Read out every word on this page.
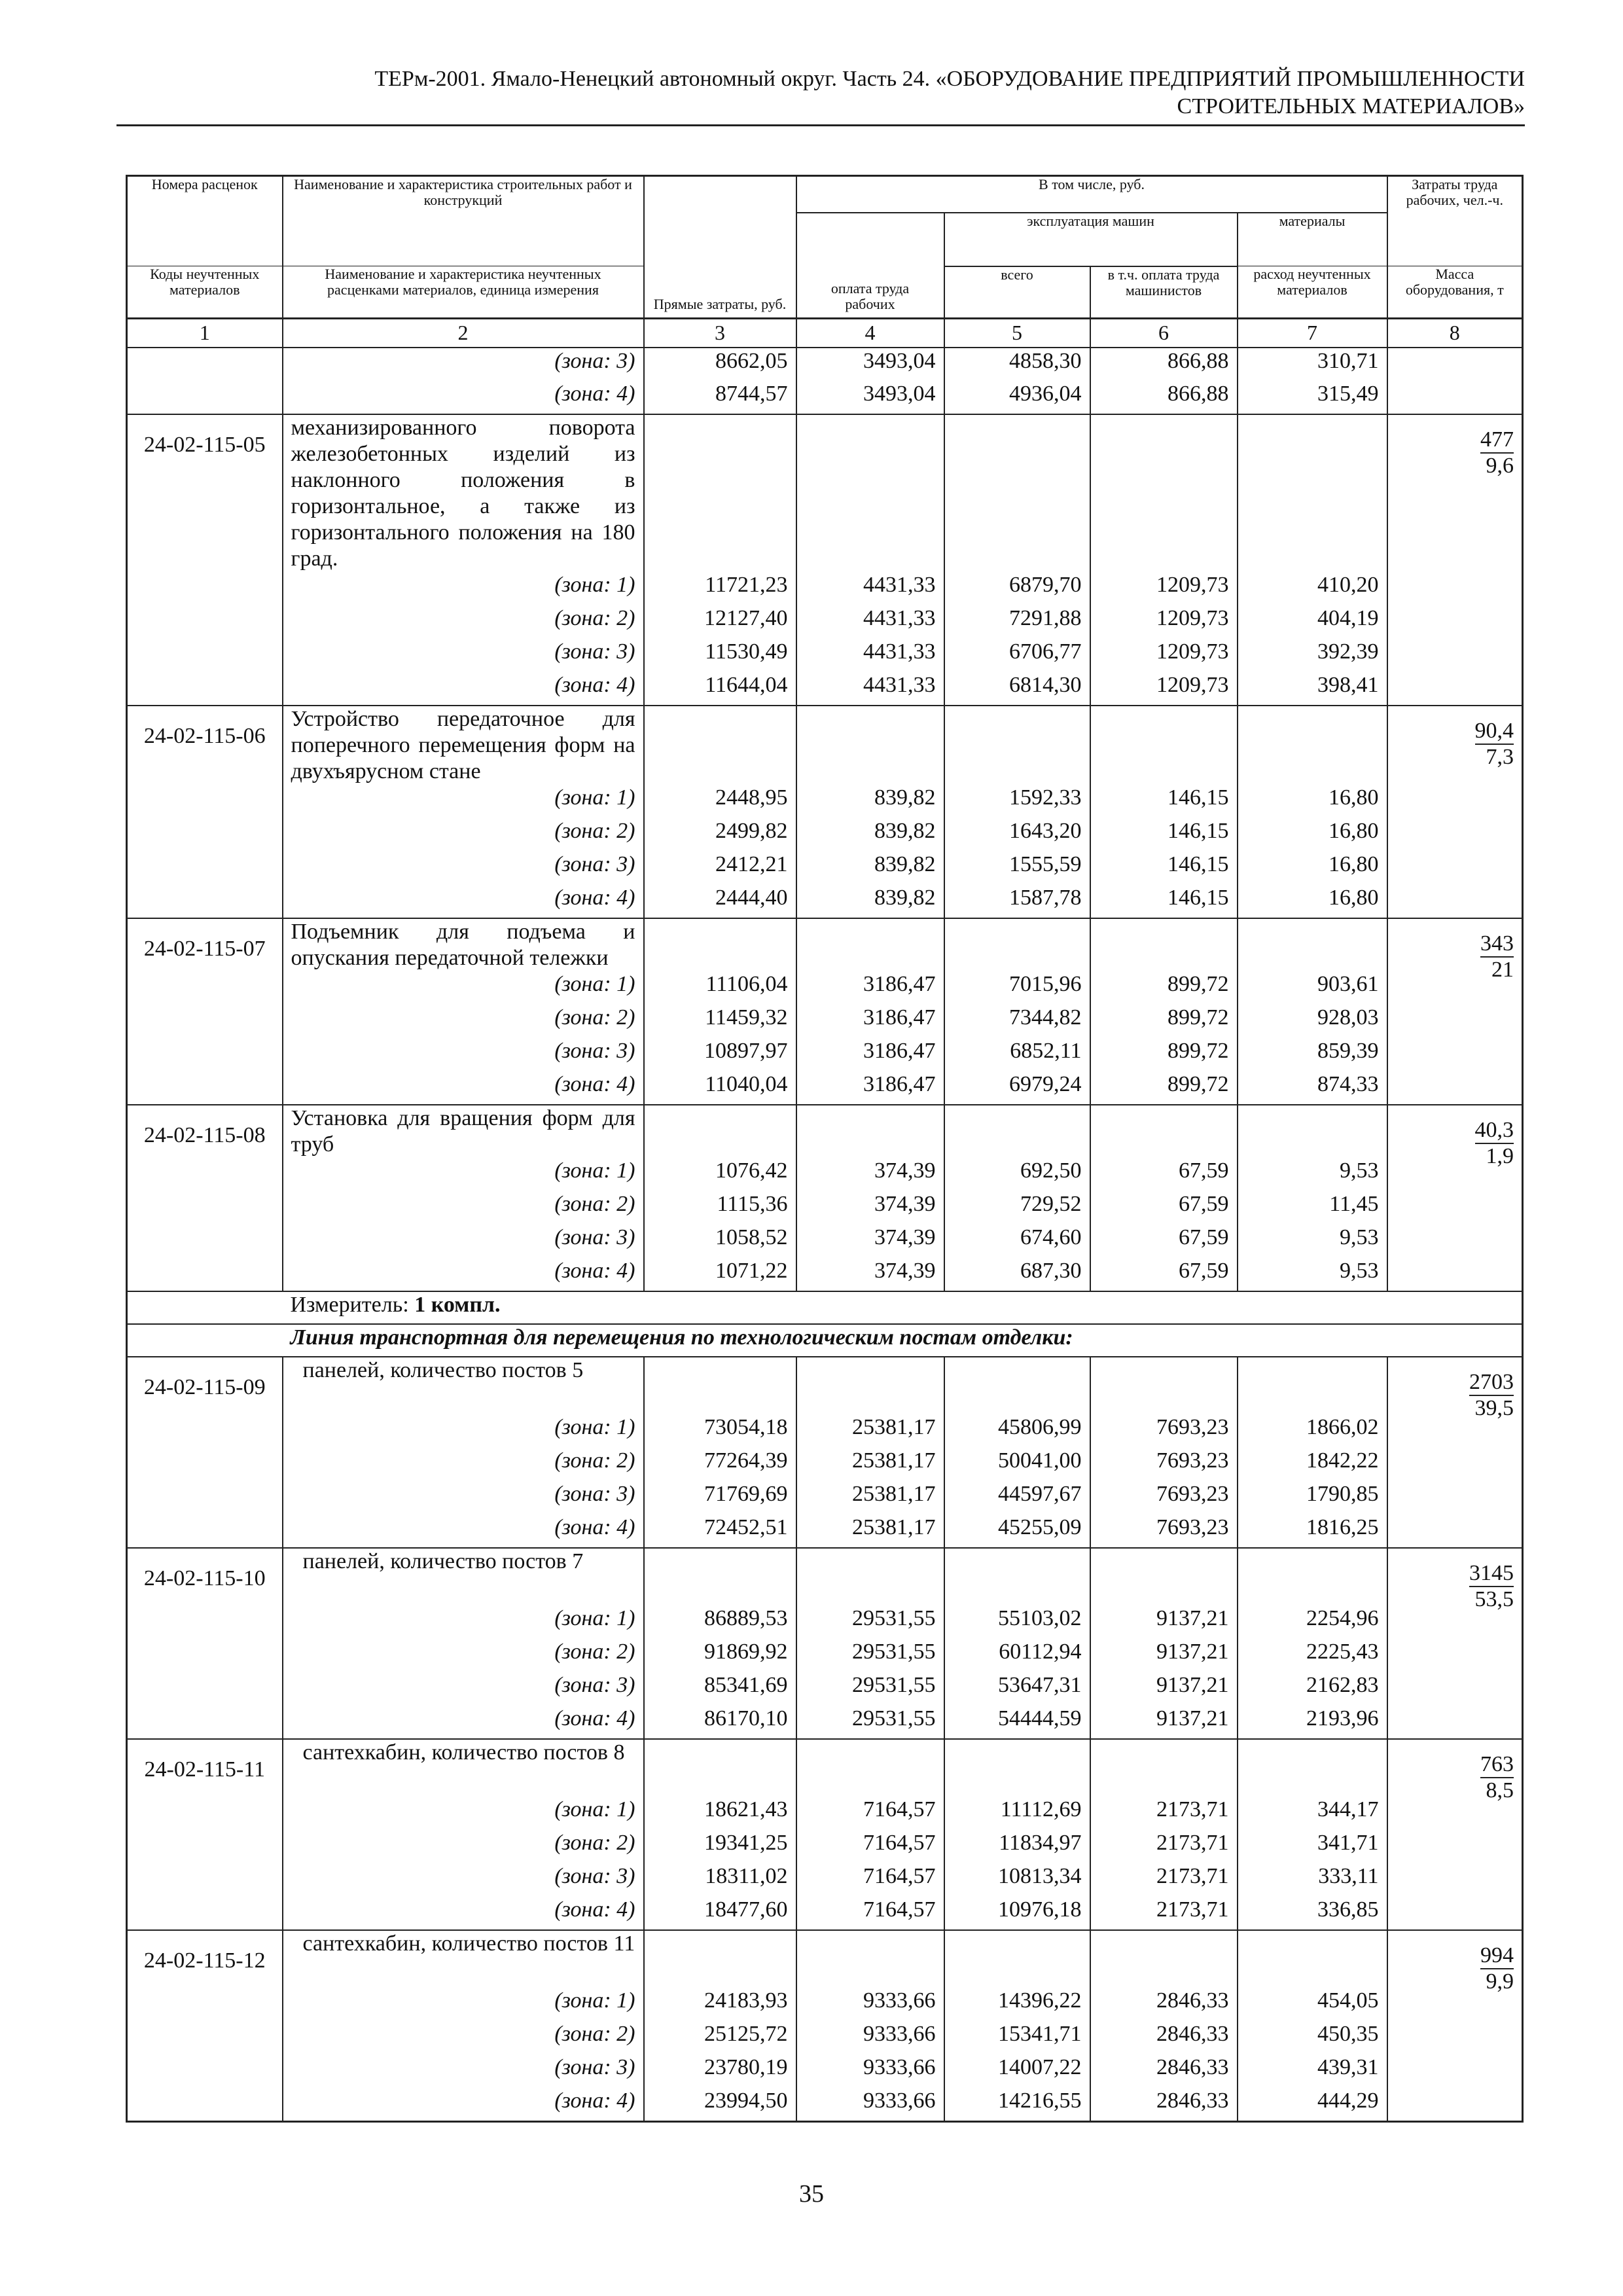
ТЕРм-2001. Ямало-Ненецкий автономный округ. Часть 24. «ОБОРУДОВАНИЕ ПРЕДПРИЯТИЙ ПРОМЫШЛЕННОСТИ
СТРОИТЕЛЬНЫХ МАТЕРИАЛОВ»
Номера расценок	Наименование и характеристика строительных работ и конструкций	Прямые затраты, руб.	В том числе, руб.				Затраты труда рабочих, чел.-ч.
			оплата труда рабочих	эксплуатация машин		материалы	
Коды неучтенных материалов	Наименование и характеристика неучтенных расценками материалов, единица измерения			всего	в т.ч. оплата труда машинистов	расход неучтенных материалов	Масса оборудования, т
1	2	3	4	5	6	7	8
	(зона: 3)	8662,05	3493,04	4858,30	866,88	310,71	
	(зона: 4)	8744,57	3493,04	4936,04	866,88	315,49	
24-02-115-05	механизированного поворота железобетонных изделий из наклонного положения в горизонтальное, а также из горизонтального положения на 180 град.						477
9,6

	(зона: 1)	11721,23	4431,33	6879,70	1209,73	410,20	
	(зона: 2)	12127,40	4431,33	7291,88	1209,73	404,19	
	(зона: 3)	11530,49	4431,33	6706,77	1209,73	392,39	
	(зона: 4)	11644,04	4431,33	6814,30	1209,73	398,41	
24-02-115-06	Устройство передаточное для поперечного перемещения форм на двухъярусном стане						90,4
7,3

	(зона: 1)	2448,95	839,82	1592,33	146,15	16,80	
	(зона: 2)	2499,82	839,82	1643,20	146,15	16,80	
	(зона: 3)	2412,21	839,82	1555,59	146,15	16,80	
	(зона: 4)	2444,40	839,82	1587,78	146,15	16,80	
24-02-115-07	Подъемник для подъема и опускания передаточной тележки						343
21

	(зона: 1)	11106,04	3186,47	7015,96	899,72	903,61	
	(зона: 2)	11459,32	3186,47	7344,82	899,72	928,03	
	(зона: 3)	10897,97	3186,47	6852,11	899,72	859,39	
	(зона: 4)	11040,04	3186,47	6979,24	899,72	874,33	
24-02-115-08	Установка для вращения форм для труб						40,3
1,9

	(зона: 1)	1076,42	374,39	692,50	67,59	9,53	
	(зона: 2)	1115,36	374,39	729,52	67,59	11,45	
	(зона: 3)	1058,52	374,39	674,60	67,59	9,53	
	(зона: 4)	1071,22	374,39	687,30	67,59	9,53	
	Измеритель: 1 компл.						
	Линия транспортная для перемещения по технологическим постам отделки:						
24-02-115-09	панелей, количество постов 5						2703
39,5

	(зона: 1)	73054,18	25381,17	45806,99	7693,23	1866,02	
	(зона: 2)	77264,39	25381,17	50041,00	7693,23	1842,22	
	(зона: 3)	71769,69	25381,17	44597,67	7693,23	1790,85	
	(зона: 4)	72452,51	25381,17	45255,09	7693,23	1816,25	
24-02-115-10	панелей, количество постов 7						3145
53,5

	(зона: 1)	86889,53	29531,55	55103,02	9137,21	2254,96	
	(зона: 2)	91869,92	29531,55	60112,94	9137,21	2225,43	
	(зона: 3)	85341,69	29531,55	53647,31	9137,21	2162,83	
	(зона: 4)	86170,10	29531,55	54444,59	9137,21	2193,96	
24-02-115-11	сантехкабин, количество постов 8						763
8,5

	(зона: 1)	18621,43	7164,57	11112,69	2173,71	344,17	
	(зона: 2)	19341,25	7164,57	11834,97	2173,71	341,71	
	(зона: 3)	18311,02	7164,57	10813,34	2173,71	333,11	
	(зона: 4)	18477,60	7164,57	10976,18	2173,71	336,85	
24-02-115-12	сантехкабин, количество постов 11						994
9,9

	(зона: 1)	24183,93	9333,66	14396,22	2846,33	454,05	
	(зона: 2)	25125,72	9333,66	15341,71	2846,33	450,35	
	(зона: 3)	23780,19	9333,66	14007,22	2846,33	439,31	
	(зона: 4)	23994,50	9333,66	14216,55	2846,33	444,29	
35
